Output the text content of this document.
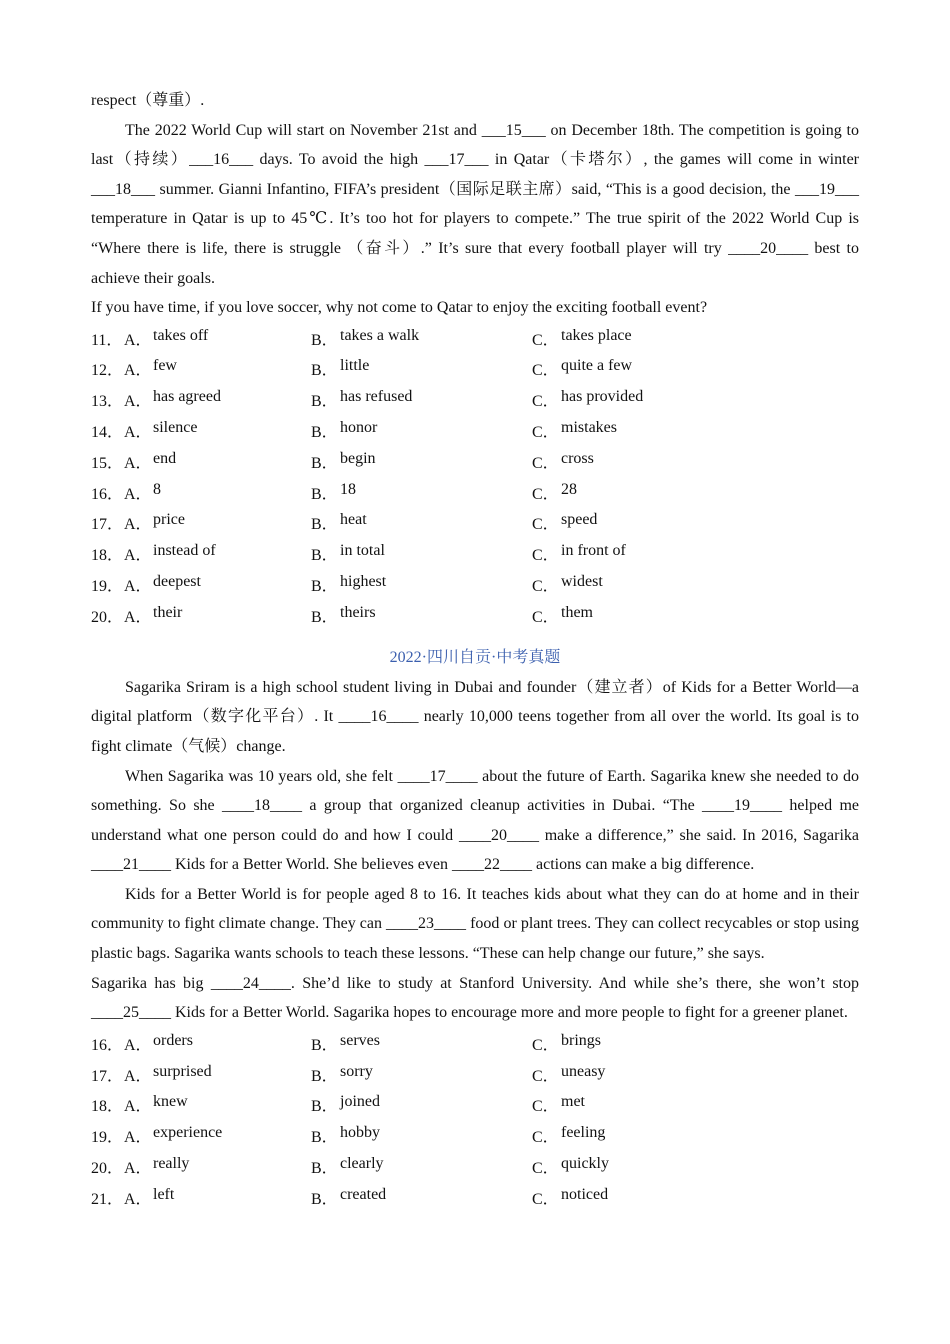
respect（尊重）.

The 2022 World Cup will start on November 21st and ___15___ on December 18th. The competition is going to last（持续）___16___ days. To avoid the high ___17___ in Qatar（卡塔尔）, the games will come in winter ___18___ summer. Gianni Infantino, FIFA’s president（国际足联主席）said, “This is a good decision, the ___19___ temperature in Qatar is up to 45℃. It’s too hot for players to compete.” The true spirit of the 2022 World Cup is “Where there is life, there is struggle （奋斗）.” It’s sure that every football player will try ____20____ best to achieve their goals.

If you have time, if you love soccer, why not come to Qatar to enjoy the exciting football event?

11． A． takes off	B． takes a walk	C． takes place
12． A． few	B． little	C． quite a few
13． A． has agreed	B． has refused	C． has provided
14． A． silence	B． honor	C． mistakes
15． A． end	B． begin	C． cross
16． A． 8	B． 18	C． 28
17． A． price	B． heat	C． speed
18． A． instead of	B． in total	C． in front of
19． A． deepest	B． highest	C． widest
20． A． their	B． theirs	C． them

2022·四川自贡·中考真题

Sagarika Sriram is a high school student living in Dubai and founder（建立者）of Kids for a Better World—a digital platform（数字化平台）. It ____16____ nearly 10,000 teens together from all over the world. Its goal is to fight climate（气候）change.

When Sagarika was 10 years old, she felt ____17____ about the future of Earth. Sagarika knew she needed to do something. So she ____18____ a group that organized cleanup activities in Dubai. “The ____19____ helped me understand what one person could do and how I could ____20____ make a difference,” she said. In 2016, Sagarika ____21____ Kids for a Better World. She believes even ____22____ actions can make a big difference.

Kids for a Better World is for people aged 8 to 16. It teaches kids about what they can do at home and in their community to fight climate change. They can ____23____ food or plant trees. They can collect recycables or stop using plastic bags. Sagarika wants schools to teach these lessons. “These can help change our future,” she says.

Sagarika has big ____24____. She’d like to study at Stanford University. And while she’s there, she won’t stop ____25____ Kids for a Better World. Sagarika hopes to encourage more and more people to fight for a greener planet.

16． A． orders	B． serves	C． brings
17． A． surprised	B． sorry	C． uneasy
18． A． knew	B． joined	C． met
19． A． experience	B． hobby	C． feeling
20． A． really	B． clearly	C． quickly
21． A． left	B． created	C． noticed
